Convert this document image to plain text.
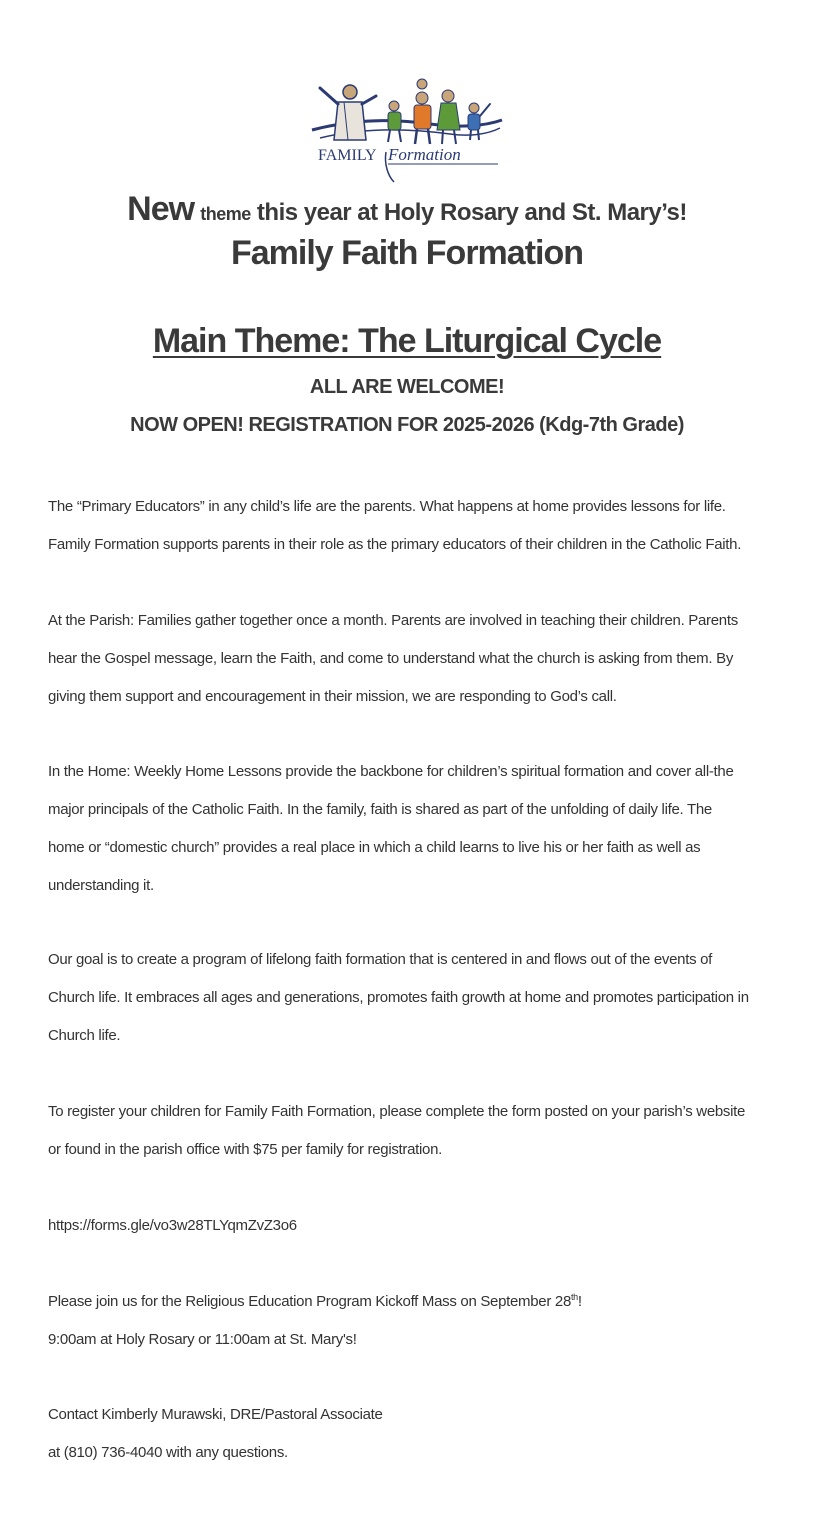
FAMILY Formation
New theme this year at Holy Rosary and St. Mary’s!
Family Faith Formation
Main Theme: The Liturgical Cycle
ALL ARE WELCOME!
NOW OPEN! REGISTRATION FOR 2025-2026 (Kdg-7th Grade)
The “Primary Educators” in any child’s life are the parents. What happens at home provides lessons for life.
Family Formation supports parents in their role as the primary educators of their children in the Catholic Faith.
At the Parish: Families gather together once a month. Parents are involved in teaching their children. Parents
hear the Gospel message, learn the Faith, and come to understand what the church is asking from them. By
giving them support and encouragement in their mission, we are responding to God’s call.
In the Home: Weekly Home Lessons provide the backbone for children’s spiritual formation and cover all-the
major principals of the Catholic Faith. In the family, faith is shared as part of the unfolding of daily life. The
home or “domestic church” provides a real place in which a child learns to live his or her faith as well as
understanding it.
Our goal is to create a program of lifelong faith formation that is centered in and flows out of the events of
Church life. It embraces all ages and generations, promotes faith growth at home and promotes participation in
Church life.
To register your children for Family Faith Formation, please complete the form posted on your parish’s website
or found in the parish office with $75 per family for registration.
https://forms.gle/vo3w28TLYqmZvZ3o6
Please join us for the Religious Education Program Kickoff Mass on September 28th!
9:00am at Holy Rosary or 11:00am at St. Mary's!
Contact Kimberly Murawski, DRE/Pastoral Associate
at (810) 736-4040 with any questions.
